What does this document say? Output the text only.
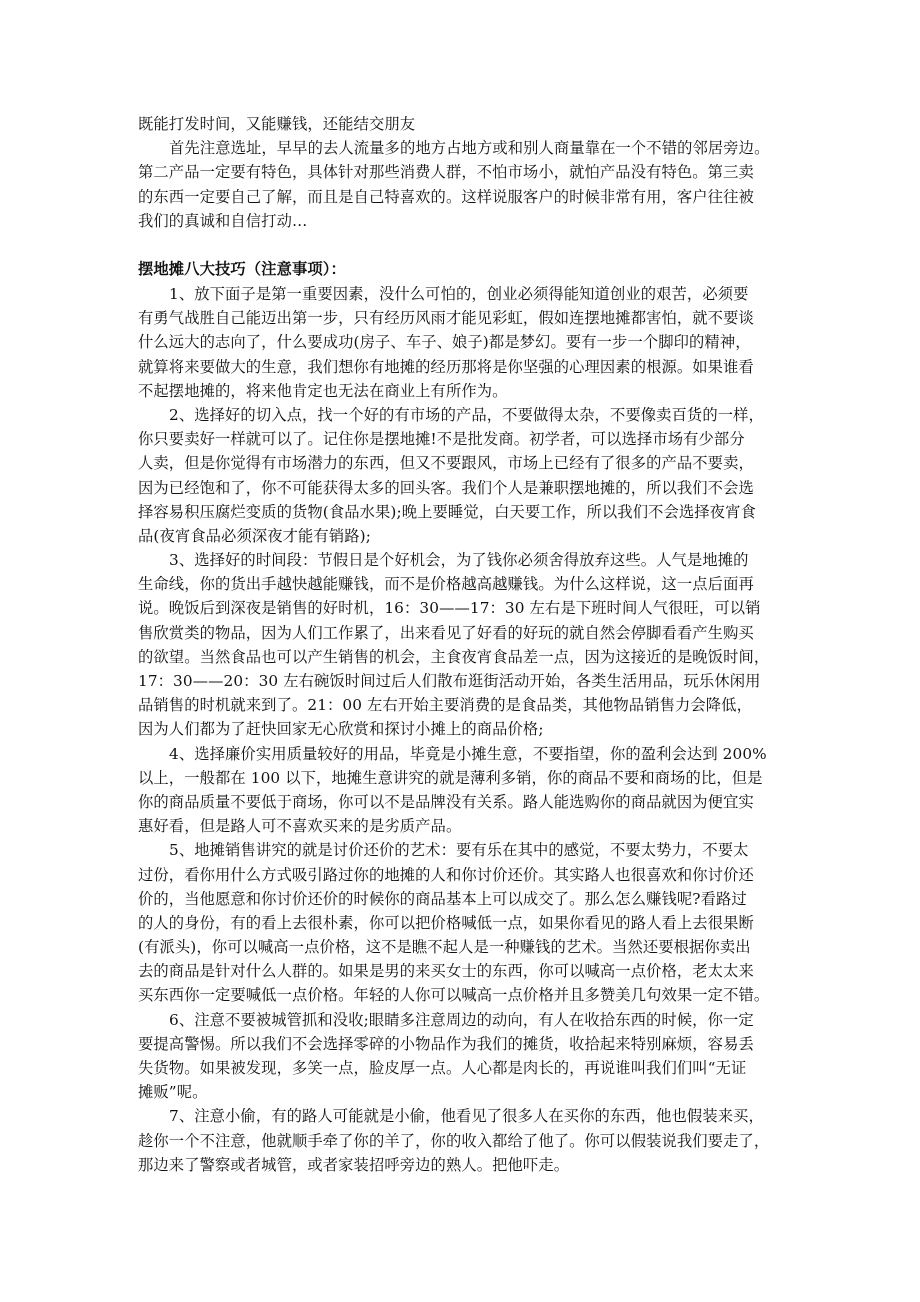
既能打发时间，又能赚钱，还能结交朋友
首先注意选址，早早的去人流量多的地方占地方或和别人商量靠在一个不错的邻居旁边。
第二产品一定要有特色，具体针对那些消费人群，不怕市场小，就怕产品没有特色。第三卖
的东西一定要自己了解，而且是自己特喜欢的。这样说服客户的时候非常有用，客户往往被
我们的真诚和自信打动…
摆地摊八大技巧（注意事项）：
1、放下面子是第一重要因素，没什么可怕的，创业必须得能知道创业的艰苦，必须要
有勇气战胜自己能迈出第一步，只有经历风雨才能见彩虹，假如连摆地摊都害怕，就不要谈
什么远大的志向了，什么要成功(房子、车子、娘子)都是梦幻。要有一步一个脚印的精神，
就算将来要做大的生意，我们想你有地摊的经历那将是你坚强的心理因素的根源。如果谁看
不起摆地摊的，将来他肯定也无法在商业上有所作为。
2、选择好的切入点，找一个好的有市场的产品，不要做得太杂，不要像卖百货的一样，
你只要卖好一样就可以了。记住你是摆地摊!不是批发商。初学者，可以选择市场有少部分
人卖，但是你觉得有市场潜力的东西，但又不要跟风，市场上已经有了很多的产品不要卖，
因为已经饱和了，你不可能获得太多的回头客。我们个人是兼职摆地摊的，所以我们不会选
择容易积压腐烂变质的货物(食品水果);晚上要睡觉，白天要工作，所以我们不会选择夜宵食
品(夜宵食品必须深夜才能有销路);
3、选择好的时间段：节假日是个好机会，为了钱你必须舍得放弃这些。人气是地摊的
生命线，你的货出手越快越能赚钱，而不是价格越高越赚钱。为什么这样说，这一点后面再
说。晚饭后到深夜是销售的好时机，16：30——17：30 左右是下班时间人气很旺，可以销
售欣赏类的物品，因为人们工作累了，出来看见了好看的好玩的就自然会停脚看看产生购买
的欲望。当然食品也可以产生销售的机会，主食夜宵食品差一点，因为这接近的是晚饭时间，
17：30——20：30 左右碗饭时间过后人们散布逛街活动开始，各类生活用品，玩乐休闲用
品销售的时机就来到了。21：00 左右开始主要消费的是食品类，其他物品销售力会降低，
因为人们都为了赶快回家无心欣赏和探讨小摊上的商品价格;
4、选择廉价实用质量较好的用品，毕竟是小摊生意，不要指望，你的盈利会达到 200%
以上，一般都在 100 以下，地摊生意讲究的就是薄利多销，你的商品不要和商场的比，但是
你的商品质量不要低于商场，你可以不是品牌没有关系。路人能选购你的商品就因为便宜实
惠好看，但是路人可不喜欢买来的是劣质产品。
5、地摊销售讲究的就是讨价还价的艺术：要有乐在其中的感觉，不要太势力，不要太
过份，看你用什么方式吸引路过你的地摊的人和你讨价还价。其实路人也很喜欢和你讨价还
价的，当他愿意和你讨价还价的时候你的商品基本上可以成交了。那么怎么赚钱呢?看路过
的人的身份，有的看上去很朴素，你可以把价格喊低一点，如果你看见的路人看上去很果断
(有派头)，你可以喊高一点价格，这不是瞧不起人是一种赚钱的艺术。当然还要根据你卖出
去的商品是针对什么人群的。如果是男的来买女士的东西，你可以喊高一点价格，老太太来
买东西你一定要喊低一点价格。年轻的人你可以喊高一点价格并且多赞美几句效果一定不错。
6、注意不要被城管抓和没收;眼睛多注意周边的动向，有人在收拾东西的时候，你一定
要提高警惕。所以我们不会选择零碎的小物品作为我们的摊货，收拾起来特别麻烦，容易丢
失货物。如果被发现，多笑一点，脸皮厚一点。人心都是肉长的，再说谁叫我们们叫“无证
摊贩”呢。
7、注意小偷，有的路人可能就是小偷，他看见了很多人在买你的东西，他也假装来买，
趁你一个不注意，他就顺手牵了你的羊了，你的收入都给了他了。你可以假装说我们要走了，
那边来了警察或者城管，或者家装招呼旁边的熟人。把他吓走。
